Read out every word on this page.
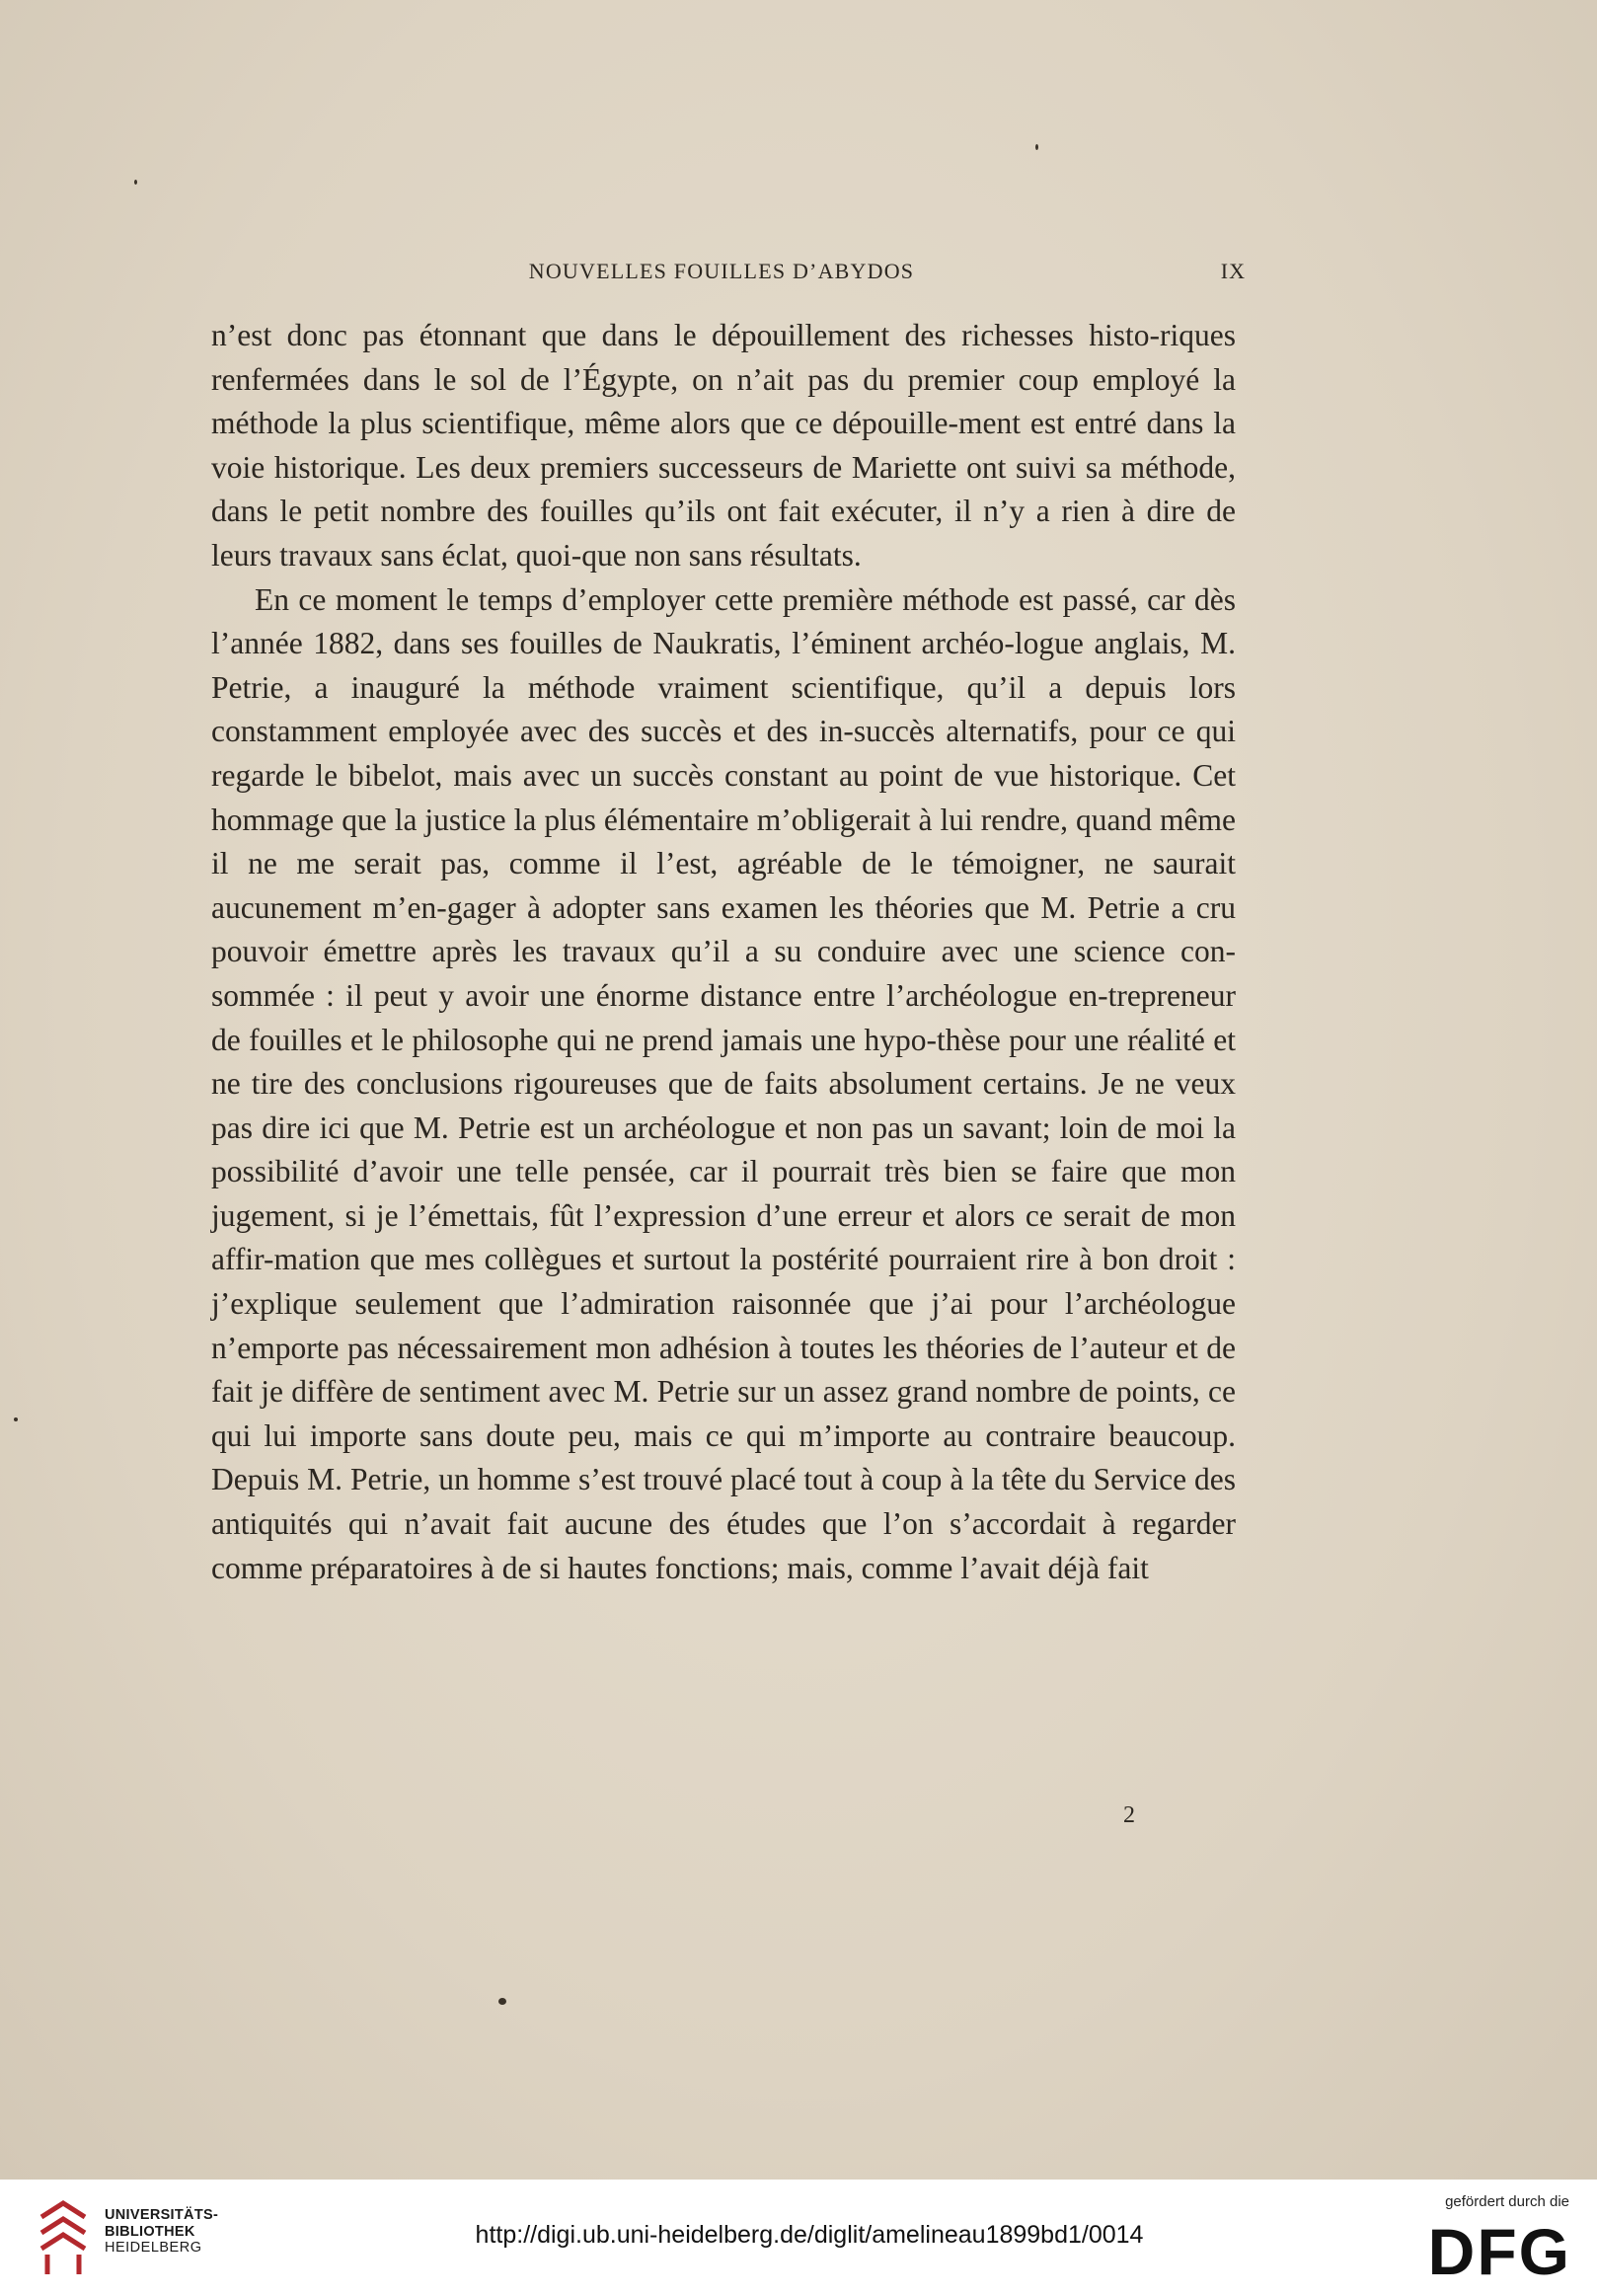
NOUVELLES FOUILLES D’ABYDOS	IX

n’est donc pas étonnant que dans le dépouillement des richesses histo-riques renfermées dans le sol de l’Égypte, on n’ait pas du premier coup employé la méthode la plus scientifique, même alors que ce dépouille-ment est entré dans la voie historique. Les deux premiers successeurs de Mariette ont suivi sa méthode, dans le petit nombre des fouilles qu’ils ont fait exécuter, il n’y a rien à dire de leurs travaux sans éclat, quoi-que non sans résultats.

En ce moment le temps d’employer cette première méthode est passé, car dès l’année 1882, dans ses fouilles de Naukratis, l’éminent archéo-logue anglais, M. Petrie, a inauguré la méthode vraiment scientifique, qu’il a depuis lors constamment employée avec des succès et des in-succès alternatifs, pour ce qui regarde le bibelot, mais avec un succès constant au point de vue historique. Cet hommage que la justice la plus élémentaire m’obligerait à lui rendre, quand même il ne me serait pas, comme il l’est, agréable de le témoigner, ne saurait aucunement m’en-gager à adopter sans examen les théories que M. Petrie a cru pouvoir émettre après les travaux qu’il a su conduire avec une science con-sommée : il peut y avoir une énorme distance entre l’archéologue en-trepreneur de fouilles et le philosophe qui ne prend jamais une hypo-thèse pour une réalité et ne tire des conclusions rigoureuses que de faits absolument certains. Je ne veux pas dire ici que M. Petrie est un archéologue et non pas un savant; loin de moi la possibilité d’avoir une telle pensée, car il pourrait très bien se faire que mon jugement, si je l’émettais, fût l’expression d’une erreur et alors ce serait de mon affir-mation que mes collègues et surtout la postérité pourraient rire à bon droit : j’explique seulement que l’admiration raisonnée que j’ai pour l’archéologue n’emporte pas nécessairement mon adhésion à toutes les théories de l’auteur et de fait je diffère de sentiment avec M. Petrie sur un assez grand nombre de points, ce qui lui importe sans doute peu, mais ce qui m’importe au contraire beaucoup. Depuis M. Petrie, un homme s’est trouvé placé tout à coup à la tête du Service des antiquités qui n’avait fait aucune des études que l’on s’accordait à regarder comme préparatoires à de si hautes fonctions; mais, comme l’avait déjà fait

2
UNIVERSITÄTS-
BIBLIOTHEK
HEIDELBERG	http://digi.ub.uni-heidelberg.de/diglit/amelineau1899bd1/0014
gefördert durch die
DFG
